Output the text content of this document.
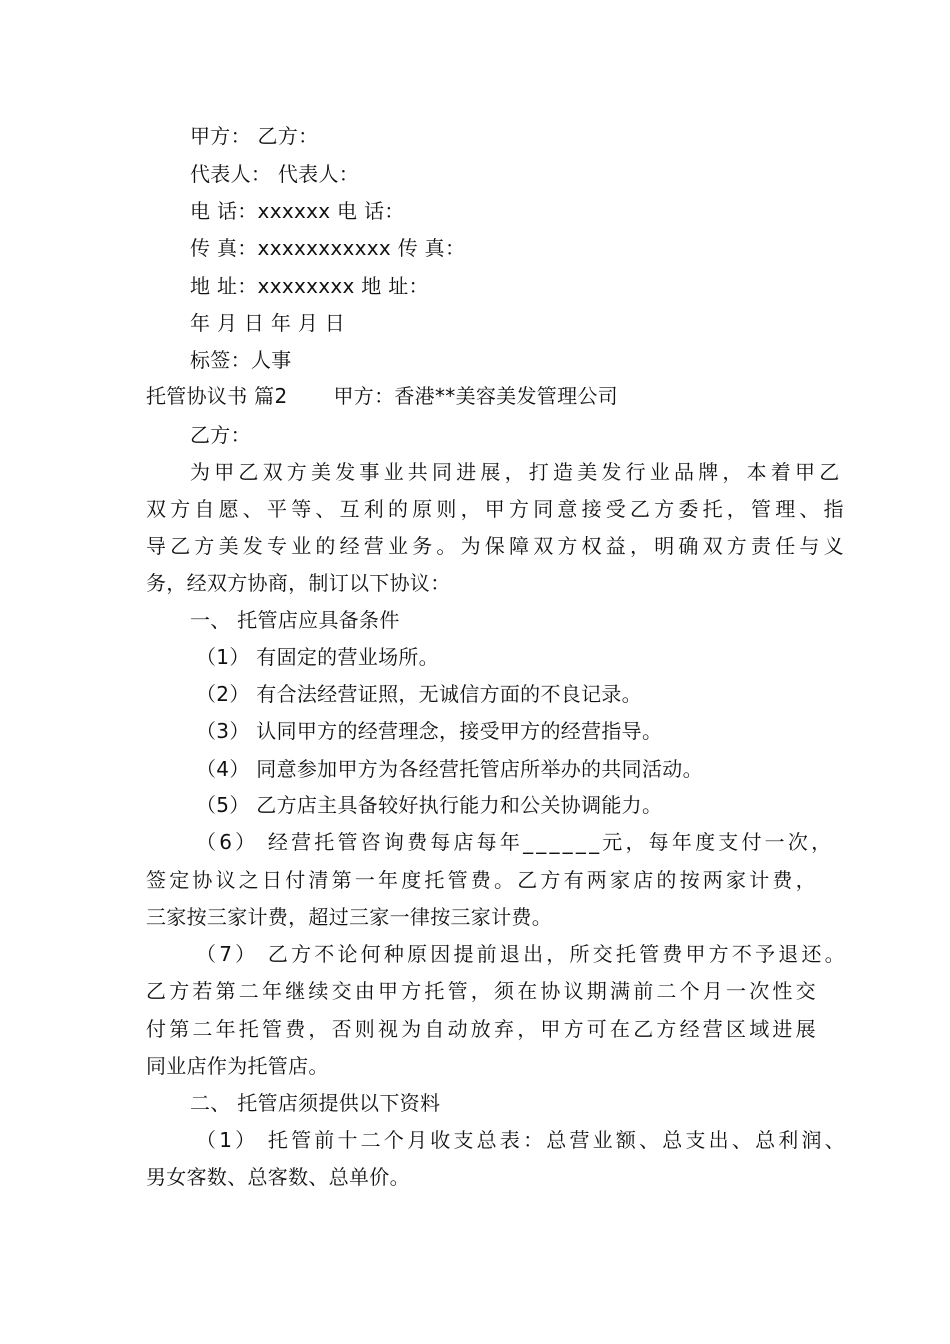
甲方： 乙方：
代表人： 代表人：
电 话：xxxxxx 电 话：
传 真：xxxxxxxxxxx 传 真：
地 址：xxxxxxxx 地 址：
年 月 日 年 月 日
标签：人事
托管协议书 篇2 甲方：香港**美容美发管理公司
乙方：
为甲乙双方美发事业共同进展，打造美发行业品牌，本着甲乙
双方自愿、平等、互利的原则，甲方同意接受乙方委托，管理、指
导乙方美发专业的经营业务。为保障双方权益，明确双方责任与义
务，经双方协商，制订以下协议：
一、 托管店应具备条件
（1） 有固定的营业场所。
（2） 有合法经营证照，无诚信方面的不良记录。
（3） 认同甲方的经营理念，接受甲方的经营指导。
（4） 同意参加甲方为各经营托管店所举办的共同活动。
（5） 乙方店主具备较好执行能力和公关协调能力。
（6） 经营托管咨询费每店每年______元，每年度支付一次，
签定协议之日付清第一年度托管费。乙方有两家店的按两家计费，
三家按三家计费，超过三家一律按三家计费。
（7） 乙方不论何种原因提前退出，所交托管费甲方不予退还。
乙方若第二年继续交由甲方托管，须在协议期满前二个月一次性交
付第二年托管费，否则视为自动放弃，甲方可在乙方经营区域进展
同业店作为托管店。
二、 托管店须提供以下资料
（1） 托管前十二个月收支总表：总营业额、总支出、总利润、
男女客数、总客数、总单价。
